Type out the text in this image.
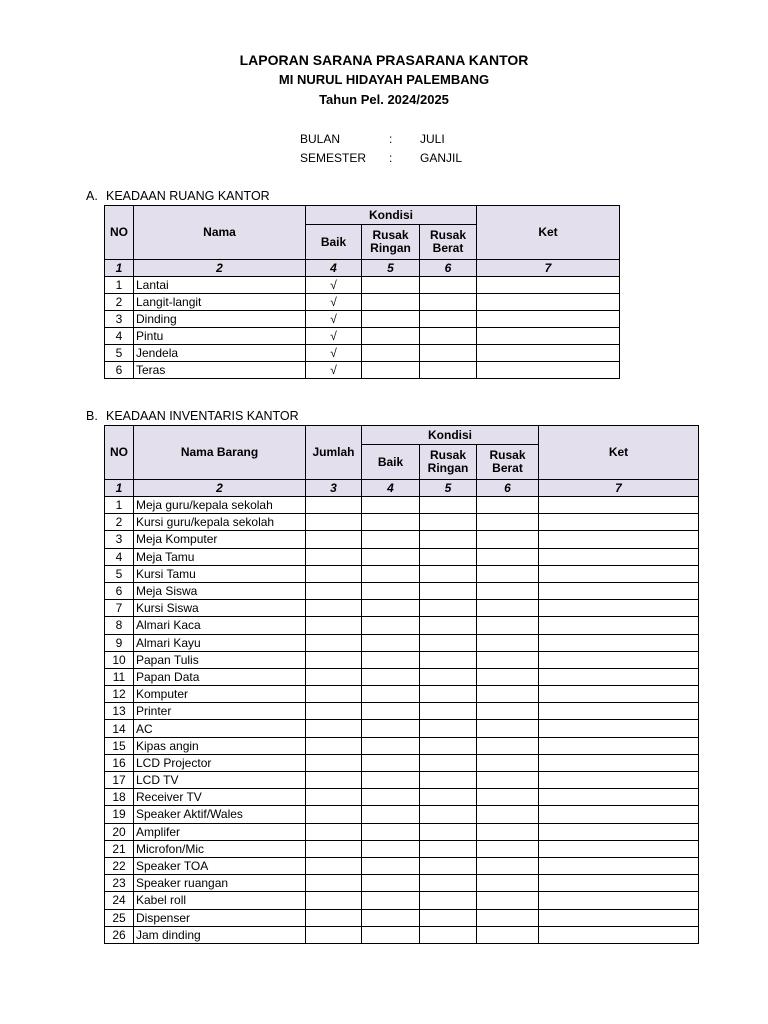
LAPORAN SARANA PRASARANA KANTOR
MI NURUL HIDAYAH PALEMBANG
Tahun Pel. 2024/2025
BULAN	: JULI
SEMESTER : GANJIL
A. KEADAAN RUANG KANTOR
NO	Nama	Kondisi			Ket
		Baik	Rusak Ringan	Rusak Berat	
1	2	4	5	6	7
1	Lantai	√			
2	Langit-langit	√			
3	Dinding	√			
4	Pintu	√			
5	Jendela	√			
6	Teras	√			
B. KEADAAN INVENTARIS KANTOR
NO	Nama Barang	Jumlah	Kondisi			Ket
			Baik	Rusak Ringan	Rusak Berat	
1	2	3	4	5	6	7
1	Meja guru/kepala sekolah					
2	Kursi guru/kepala sekolah					
3	Meja Komputer					
4	Meja Tamu					
5	Kursi Tamu					
6	Meja Siswa					
7	Kursi Siswa					
8	Almari Kaca					
9	Almari Kayu					
10	Papan Tulis					
11	Papan Data					
12	Komputer					
13	Printer					
14	AC					
15	Kipas angin					
16	LCD Projector					
17	LCD TV					
18	Receiver TV					
19	Speaker Aktif/Wales					
20	Amplifer					
21	Microfon/Mic					
22	Speaker TOA					
23	Speaker ruangan					
24	Kabel roll					
25	Dispenser					
26	Jam dinding					
